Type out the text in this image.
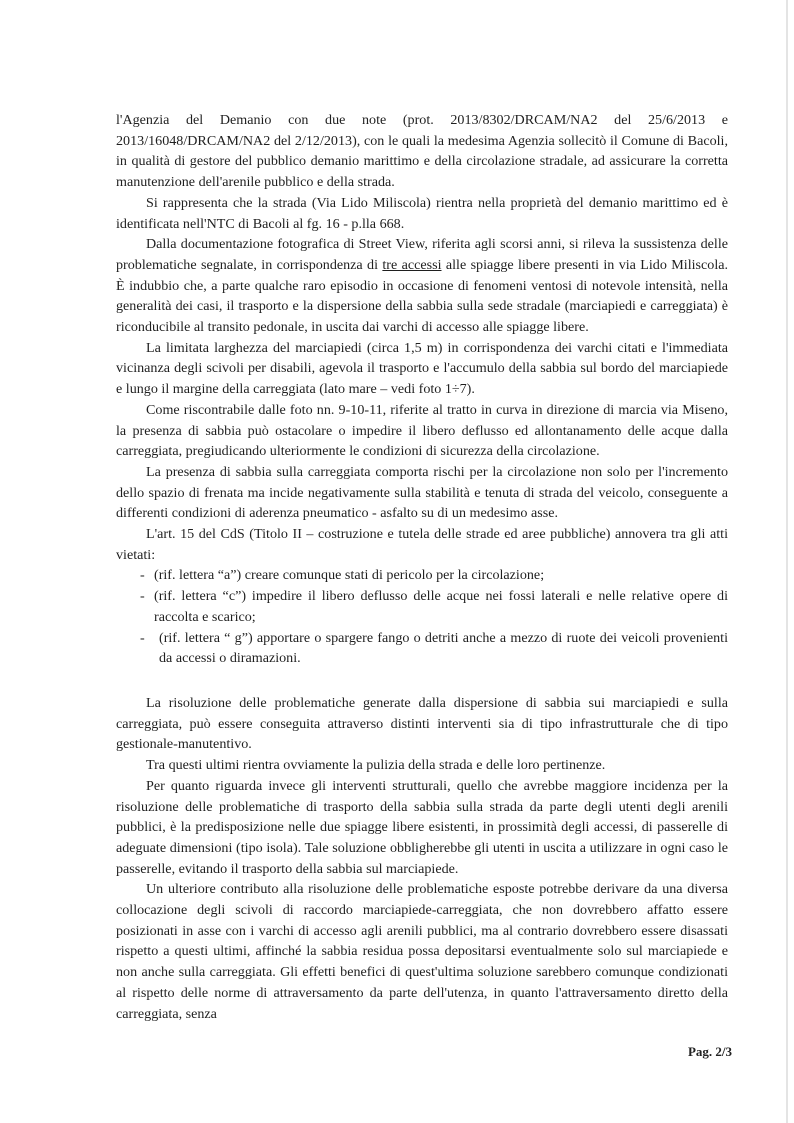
l'Agenzia del Demanio con due note (prot. 2013/8302/DRCAM/NA2 del 25/6/2013 e 2013/16048/DRCAM/NA2 del 2/12/2013), con le quali la medesima Agenzia sollecitò il Comune di Bacoli, in qualità di gestore del pubblico demanio marittimo e della circolazione stradale, ad assicurare la corretta manutenzione dell'arenile pubblico e della strada.

Si rappresenta che la strada (Via Lido Miliscola) rientra nella proprietà del demanio marittimo ed è identificata nell'NTC di Bacoli al fg. 16 - p.lla 668.

Dalla documentazione fotografica di Street View, riferita agli scorsi anni, si rileva la sussistenza delle problematiche segnalate, in corrispondenza di tre accessi alle spiagge libere presenti in via Lido Miliscola. È indubbio che, a parte qualche raro episodio in occasione di fenomeni ventosi di notevole intensità, nella generalità dei casi, il trasporto e la dispersione della sabbia sulla sede stradale (marciapiedi e carreggiata) è riconducibile al transito pedonale, in uscita dai varchi di accesso alle spiagge libere.

La limitata larghezza del marciapiedi (circa 1,5 m) in corrispondenza dei varchi citati e l'immediata vicinanza degli scivoli per disabili, agevola il trasporto e l'accumulo della sabbia sul bordo del marciapiede e lungo il margine della carreggiata (lato mare – vedi foto 1÷7).

Come riscontrabile dalle foto nn. 9-10-11, riferite al tratto in curva in direzione di marcia via Miseno, la presenza di sabbia può ostacolare o impedire il libero deflusso ed allontanamento delle acque dalla carreggiata, pregiudicando ulteriormente le condizioni di sicurezza della circolazione.

La presenza di sabbia sulla carreggiata comporta rischi per la circolazione non solo per l'incremento dello spazio di frenata ma incide negativamente sulla stabilità e tenuta di strada del veicolo, conseguente a differenti condizioni di aderenza pneumatico - asfalto su di un medesimo asse.

L'art. 15 del CdS (Titolo II – costruzione e tutela delle strade ed aree pubbliche) annovera tra gli atti vietati:

- (rif. lettera “a”) creare comunque stati di pericolo per la circolazione;
- (rif. lettera “c”) impedire il libero deflusso delle acque nei fossi laterali e nelle relative opere di raccolta e scarico;
- (rif. lettera “ g”) apportare o spargere fango o detriti anche a mezzo di ruote dei veicoli provenienti da accessi o diramazioni.

La risoluzione delle problematiche generate dalla dispersione di sabbia sui marciapiedi e sulla carreggiata, può essere conseguita attraverso distinti interventi sia di tipo infrastrutturale che di tipo gestionale-manutentivo.

Tra questi ultimi rientra ovviamente la pulizia della strada e delle loro pertinenze.

Per quanto riguarda invece gli interventi strutturali, quello che avrebbe maggiore incidenza per la risoluzione delle problematiche di trasporto della sabbia sulla strada da parte degli utenti degli arenili pubblici, è la predisposizione nelle due spiagge libere esistenti, in prossimità degli accessi, di passerelle di adeguate dimensioni (tipo isola). Tale soluzione obbligherebbe gli utenti in uscita a utilizzare in ogni caso le passerelle, evitando il trasporto della sabbia sul marciapiede.

Un ulteriore contributo alla risoluzione delle problematiche esposte potrebbe derivare da una diversa collocazione degli scivoli di raccordo marciapiede-carreggiata, che non dovrebbero affatto essere posizionati in asse con i varchi di accesso agli arenili pubblici, ma al contrario dovrebbero essere disassati rispetto a questi ultimi, affinché la sabbia residua possa depositarsi eventualmente solo sul marciapiede e non anche sulla carreggiata. Gli effetti benefici di quest'ultima soluzione sarebbero comunque condizionati al rispetto delle norme di attraversamento da parte dell'utenza, in quanto l'attraversamento diretto della carreggiata, senza

Pag. 2/3
